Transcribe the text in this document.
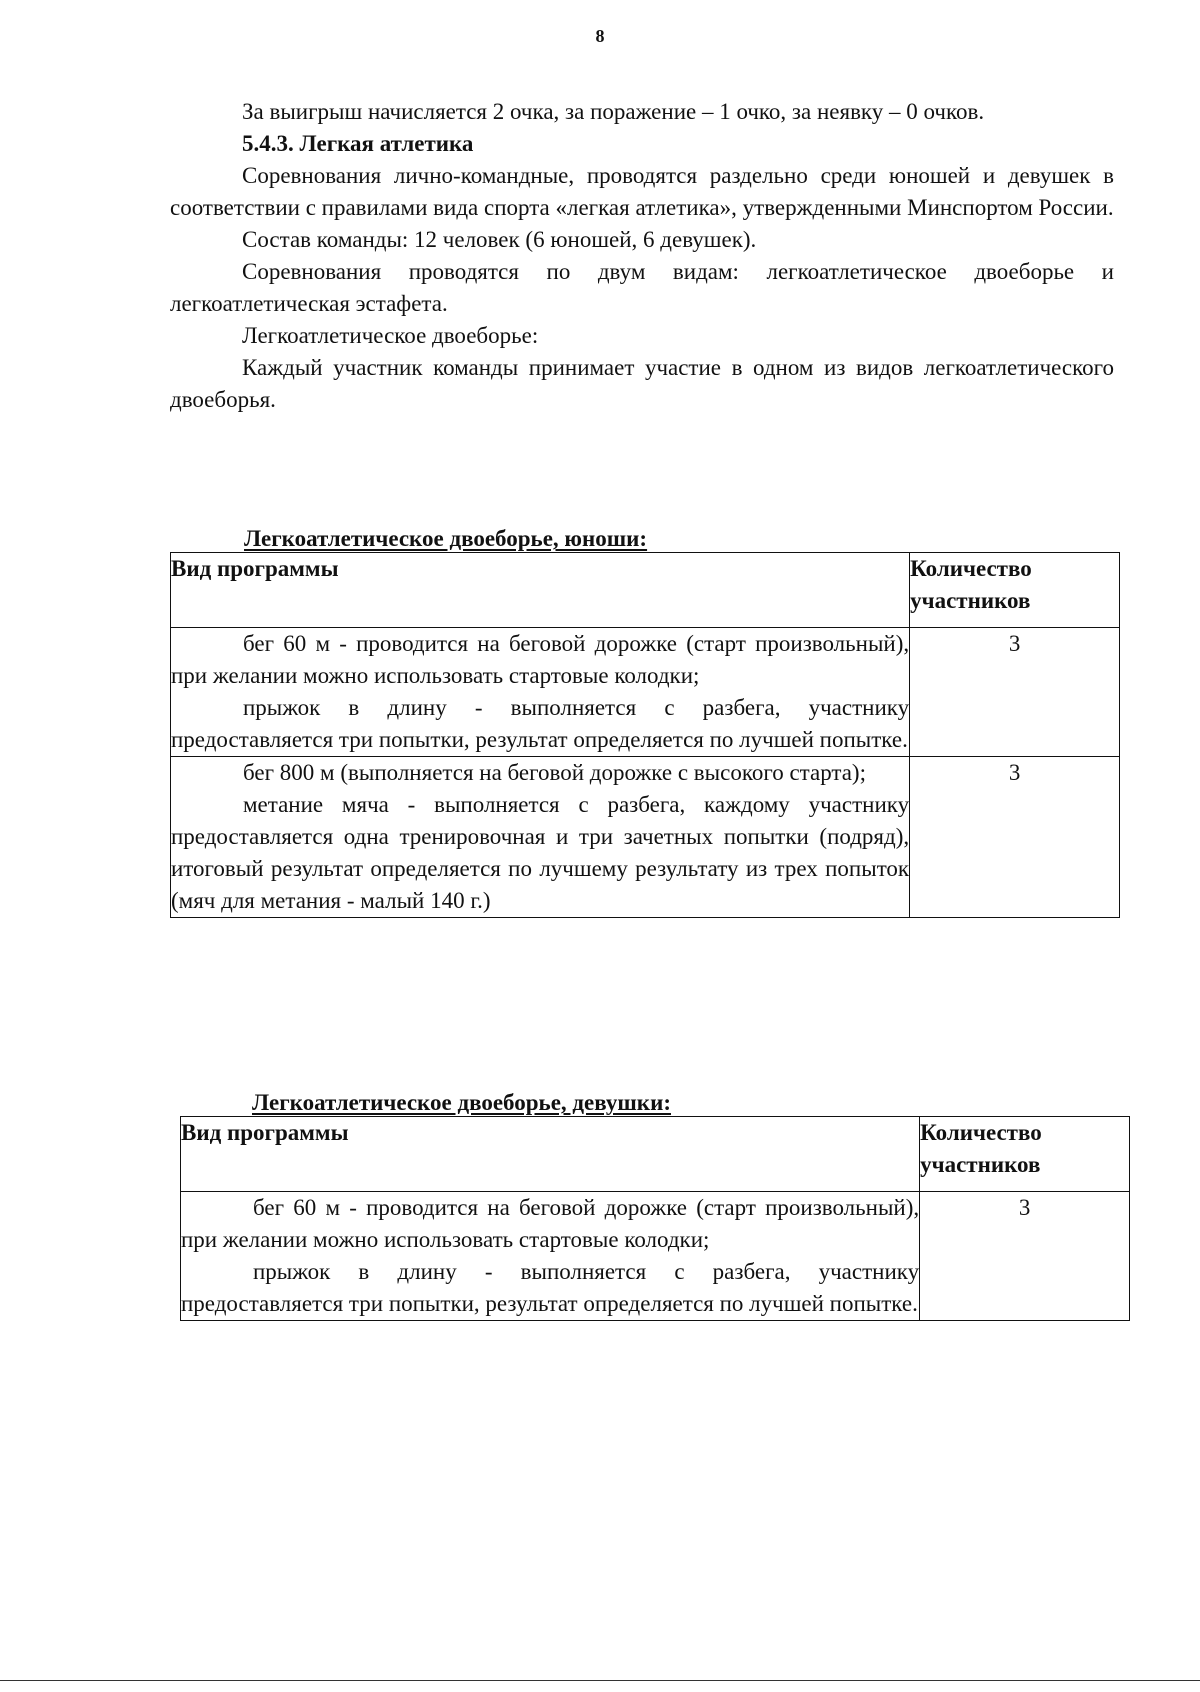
8

За выигрыш начисляется 2 очка, за поражение – 1 очко, за неявку – 0 очков.

5.4.3. Легкая атлетика

Соревнования лично-командные, проводятся раздельно среди юношей и девушек в соответствии с правилами вида спорта «легкая атлетика», утвержденными Минспортом России.

Состав команды: 12 человек (6 юношей, 6 девушек).

Соревнования проводятся по двум видам: легкоатлетическое двоеборье и легкоатлетическая эстафета.

Легкоатлетическое двоеборье:

Каждый участник команды принимает участие в одном из видов легкоатлетического двоеборья.

Легкоатлетическое двоеборье, юноши:
Вид программы	Количество участников

бег 60 м - проводится на беговой дорожке (старт произвольный), при желании можно использовать стартовые колодки;

прыжок в длину - выполняется с разбега, участнику предоставляется три попытки, результат определяется по лучшей попытке.	3

бег 800 м (выполняется на беговой дорожке с высокого старта);

метание мяча - выполняется с разбега, каждому участнику предоставляется одна тренировочная и три зачетных попытки (подряд), итоговый результат определяется по лучшему результату из трех попыток (мяч для метания - малый 140 г.)	3
Легкоатлетическое двоеборье, девушки:
Вид программы	Количество участников

бег 60 м - проводится на беговой дорожке (старт произвольный), при желании можно использовать стартовые колодки;

прыжок в длину - выполняется с разбега, участнику предоставляется три попытки, результат определяется по лучшей попытке.	3
